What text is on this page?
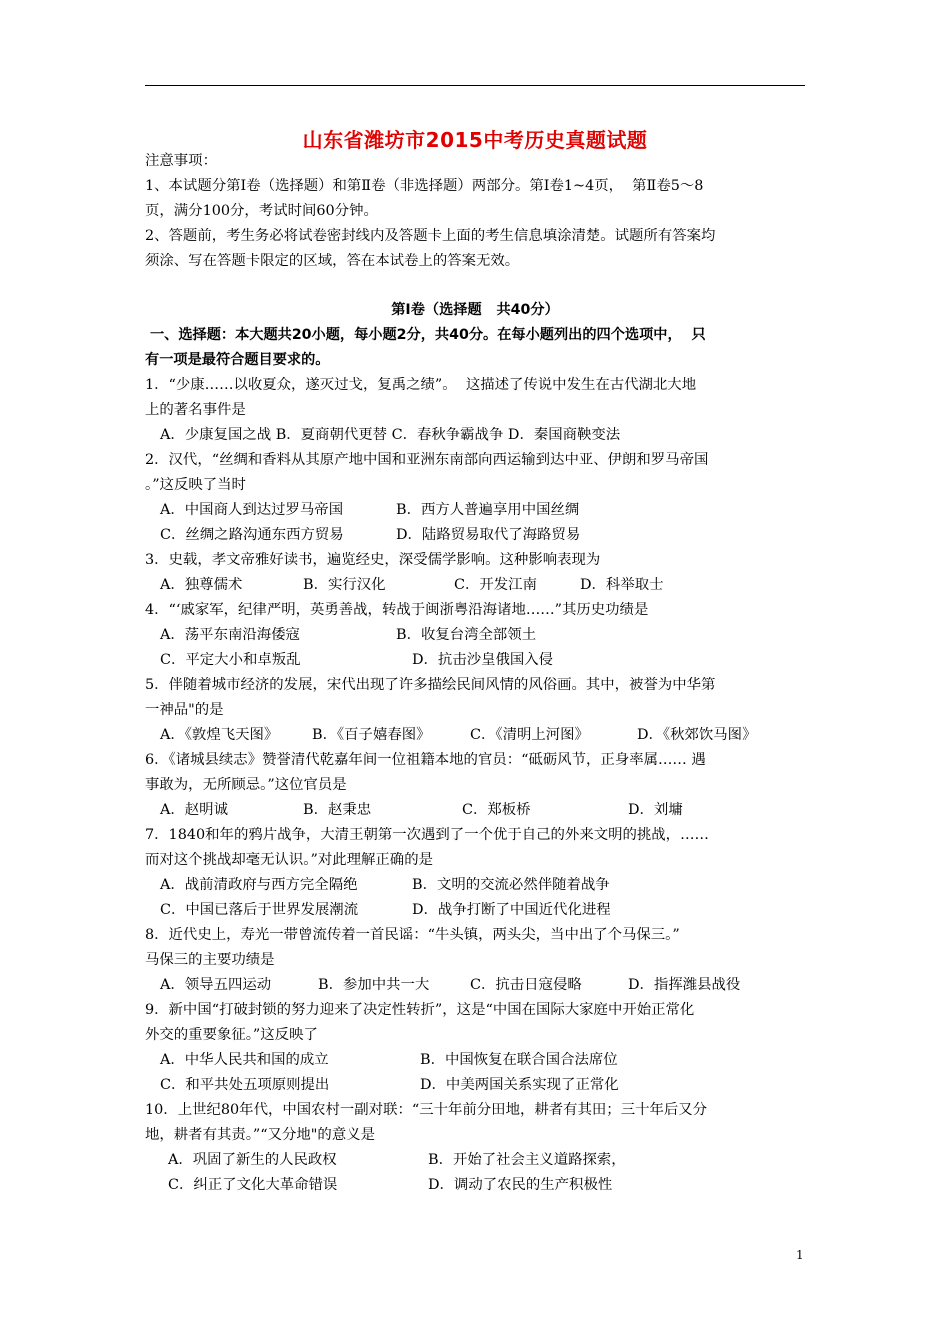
山东省潍坊市2015中考历史真题试题
注意事项：
1、本试题分第Ⅰ卷（选择题）和第Ⅱ卷（非选择题）两部分。第Ⅰ卷1~4页，  第Ⅱ卷5～8
页，满分100分，考试时间60分钟。
2、答题前，考生务必将试卷密封线内及答题卡上面的考生信息填涂清楚。试题所有答案均
须涂、写在答题卡限定的区域，答在本试卷上的答案无效。
第Ⅰ卷（选择题   共40分）
一、选择题：本大题共20小题，每小题2分，共40分。在每小题列出的四个选项中，  只
有一项是最符合题目要求的。
1．“少康……以收夏众，遂灭过戈，复禹之绩”。  这描述了传说中发生在古代湖北大地
上的著名事件是
A．少康复国之战 B．夏商朝代更替 C．春秋争霸战争 D．秦国商鞅变法
2．汉代，“丝绸和香料从其原产地中国和亚洲东南部向西运输到达中亚、伊朗和罗马帝国
。”这反映了当时
A．中国商人到达过罗马帝国	B．西方人普遍享用中国丝绸
C．丝绸之路沟通东西方贸易	D．陆路贸易取代了海路贸易
3．史载，孝文帝雅好读书，遍览经史，深受儒学影响。这种影响表现为
A．独尊儒术	B．实行汉化	C．开发江南	D．科举取士
4．“‘戚家军，纪律严明，英勇善战，转战于闽浙粤沿海诸地……”其历史功绩是
A．荡平东南沿海倭寇	B．收复台湾全部领土
C．平定大小和卓叛乱	D．抗击沙皇俄国入侵
5．伴随着城市经济的发展，宋代出现了许多描绘民间风情的风俗画。其中，被誉为中华第
一神品"的是
A．《敦煌飞天图》 B．《百子嬉春图》	C．《清明上河图》	D．《秋郊饮马图》
6．《诸城县续志》赞誉清代乾嘉年间一位祖籍本地的官员：“砥砺风节，正身率属…… 遇
事敢为，无所顾忌。”这位官员是
A．赵明诚	B．赵秉忠	C．郑板桥	D．刘墉
7．1840和年的鸦片战争，大清王朝第一次遇到了一个优于自己的外来文明的挑战，……
而对这个挑战却毫无认识。”对此理解正确的是
A．战前清政府与西方完全隔绝	B．文明的交流必然伴随着战争
C．中国已落后于世界发展潮流	D．战争打断了中国近代化进程
8．近代史上，寿光一带曾流传着一首民谣：“牛头镇，两头尖，当中出了个马保三。”
马保三的主要功绩是
A．领导五四运动	B．参加中共一大	C．抗击日寇侵略	D．指挥潍县战役
9．新中国“打破封锁的努力迎来了决定性转折”，这是“中国在国际大家庭中开始正常化
外交的重要象征。”这反映了
A．中华人民共和国的成立	B．中国恢复在联合国合法席位
C．和平共处五项原则提出	D．中美两国关系实现了正常化
10．上世纪80年代，中国农村一副对联：“三十年前分田地，耕者有其田；三十年后又分
地，耕者有其责。”“又分地"的意义是
A．巩固了新生的人民政权	B．开始了社会主义道路探索，
C．纠正了文化大革命错误	D．调动了农民的生产积极性
1
